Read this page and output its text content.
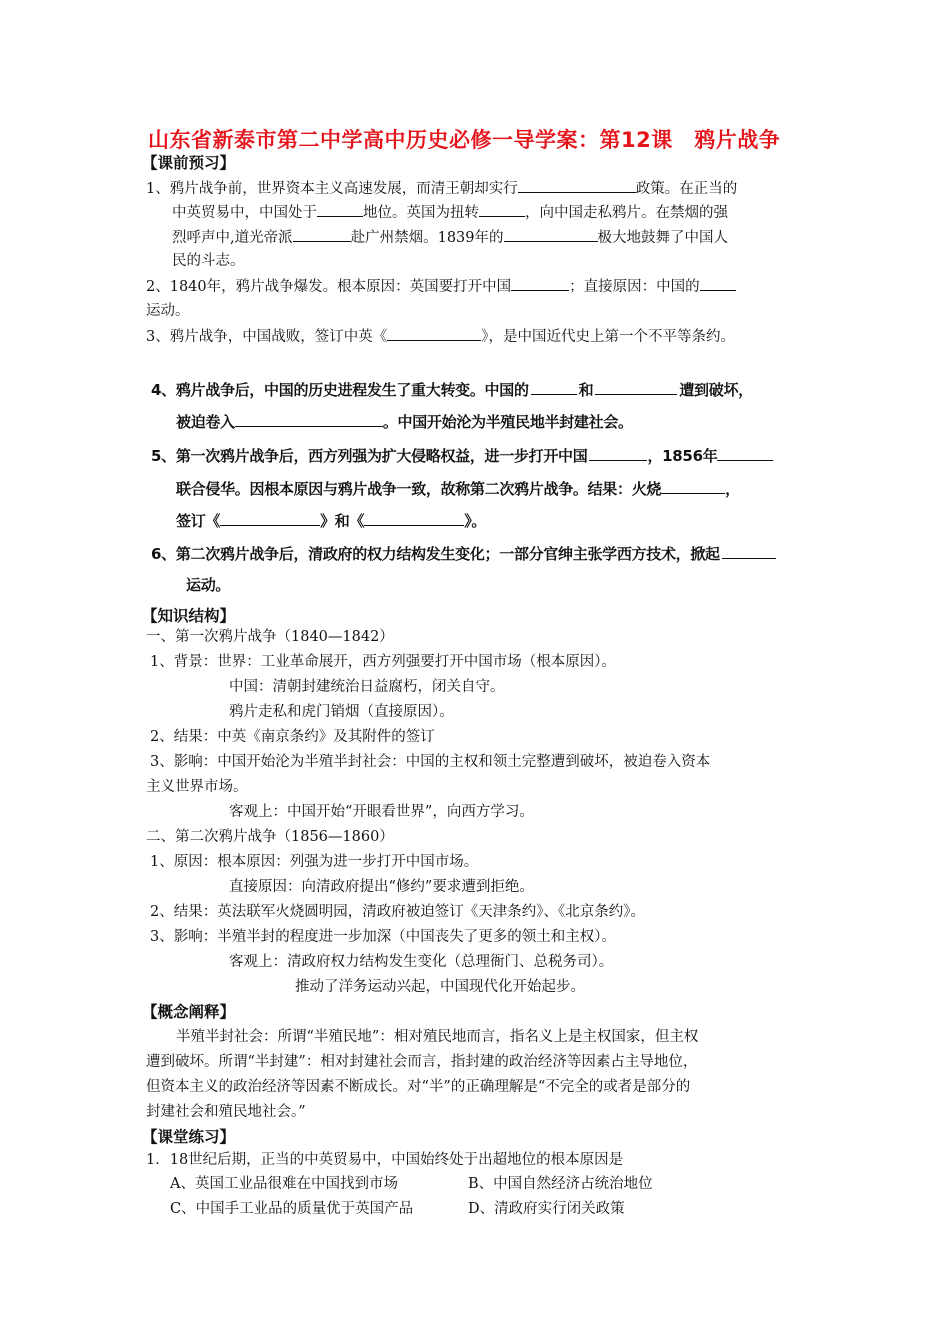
山东省新泰市第二中学高中历史必修一导学案：第12课　鸦片战争
【课前预习】
1、鸦片战争前，世界资本主义高速发展，而清王朝却实行	政策。在正当的
中英贸易中，中国处于	地位。英国为扭转	，向中国走私鸦片。在禁烟的强
烈呼声中,道光帝派	赴广州禁烟。1839年的	极大地鼓舞了中国人
民的斗志。
2、1840年，鸦片战争爆发。根本原因：英国要打开中国	；直接原因：中国的
运动。
3、鸦片战争，中国战败，签订中英《	》，是中国近代史上第一个不平等条约。
4、鸦片战争后，中国的历史进程发生了重大转变。中国的	和	遭到破坏，
被迫卷入	。中国开始沦为半殖民地半封建社会。
5、第一次鸦片战争后，西方列强为扩大侵略权益，进一步打开中国	，1856年
联合侵华。因根本原因与鸦片战争一致，故称第二次鸦片战争。结果：火烧	，
签订《	》和《	》。
6、第二次鸦片战争后，清政府的权力结构发生变化；一部分官绅主张学西方技术，掀起
运动。
【知识结构】
一、第一次鸦片战争（1840—1842）
1、背景：世界：工业革命展开，西方列强要打开中国市场（根本原因）。
中国：清朝封建统治日益腐朽，闭关自守。
鸦片走私和虎门销烟（直接原因）。
2、结果：中英《南京条约》及其附件的签订
3、影响：中国开始沦为半殖半封社会：中国的主权和领土完整遭到破坏，被迫卷入资本
主义世界市场。
客观上：中国开始“开眼看世界”，向西方学习。
二、第二次鸦片战争（1856—1860）
1、原因：根本原因：列强为进一步打开中国市场。
直接原因：向清政府提出“修约”要求遭到拒绝。
2、结果：英法联军火烧圆明园，清政府被迫签订《天津条约》、《北京条约》。
3、影响：半殖半封的程度进一步加深（中国丧失了更多的领土和主权）。
客观上：清政府权力结构发生变化（总理衙门、总税务司）。
推动了洋务运动兴起，中国现代化开始起步。
【概念阐释】
半殖半封社会：所谓“半殖民地”：相对殖民地而言，指名义上是主权国家，但主权
遭到破坏。所谓“半封建”：相对封建社会而言，指封建的政治经济等因素占主导地位，
但资本主义的政治经济等因素不断成长。对“半”的正确理解是“不完全的或者是部分的
封建社会和殖民地社会。”
【课堂练习】
1．18世纪后期，正当的中英贸易中，中国始终处于出超地位的根本原因是
A、英国工业品很难在中国找到市场	B、中国自然经济占统治地位
C、中国手工业品的质量优于英国产品	D、清政府实行闭关政策
